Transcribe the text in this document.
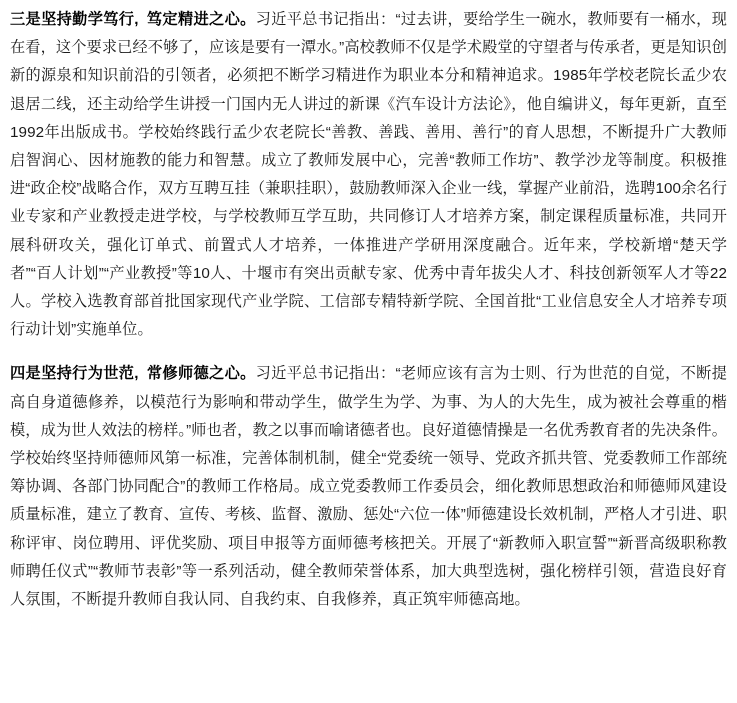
三是坚持勤学笃行, 笃定精进之心。习近平总书记指出：“过去讲，要给学生一碗水，教师要有一桶水，现在看，这个要求已经不够了，应该是要有一潭水。”高校教师不仅是学术殿堂的守望者与传承者，更是知识创新的源泉和知识前沿的引领者，必须把不断学习精进作为职业本分和精神追求。1985年学校老院长孟少农退居二线，还主动给学生讲授一门国内无人讲过的新课《汽车设计方法论》，他自编讲义，每年更新，直至1992年出版成书。学校始终践行孟少农老院长“善教、善践、善用、善行”的育人思想，不断提升广大教师启智润心、因材施教的能力和智慧。成立了教师发展中心，完善“教师工作坊”、教学沙龙等制度。积极推进“政企校”战略合作，双方互聘互挂（兼职挂职），鼓励教师深入企业一线，掌握产业前沿，选聘100余名行业专家和产业教授走进学校，与学校教师互学互助，共同修订人才培养方案，制定课程质量标准，共同开展科研攻关，强化订单式、前置式人才培养，一体推进产学研用深度融合。近年来，学校新增“楚天学者”“百人计划”“产业教授”等10人、十堰市有突出贡献专家、优秀中青年拔尖人才、科技创新领军人才等22人。学校入选教育部首批国家现代产业学院、工信部专精特新学院、全国首批“工业信息安全人才培养专项行动计划”实施单位。

四是坚持行为世范, 常修师德之心。习近平总书记指出：“老师应该有言为士则、行为世范的自觉，不断提高自身道德修养，以模范行为影响和带动学生，做学生为学、为事、为人的大先生，成为被社会尊重的楷模，成为世人效法的榜样。”师也者，教之以事而喻诸德者也。良好道德情操是一名优秀教育者的先决条件。学校始终坚持师德师风第一标准，完善体制机制，健全“党委统一领导、党政齐抓共管、党委教师工作部统筹协调、各部门协同配合”的教师工作格局。成立党委教师工作委员会，细化教师思想政治和师德师风建设质量标准，建立了教育、宣传、考核、监督、激励、惩处“六位一体”师德建设长效机制，严格人才引进、职称评审、岗位聘用、评优奖励、项目申报等方面师德考核把关。开展了“新教师入职宣誓”“新晋高级职称教师聘任仪式”“教师节表彰”等一系列活动，健全教师荣誉体系，加大典型选树，强化榜样引领，营造良好育人氛围，不断提升教师自我认同、自我约束、自我修养，真正筑牢师德高地。
